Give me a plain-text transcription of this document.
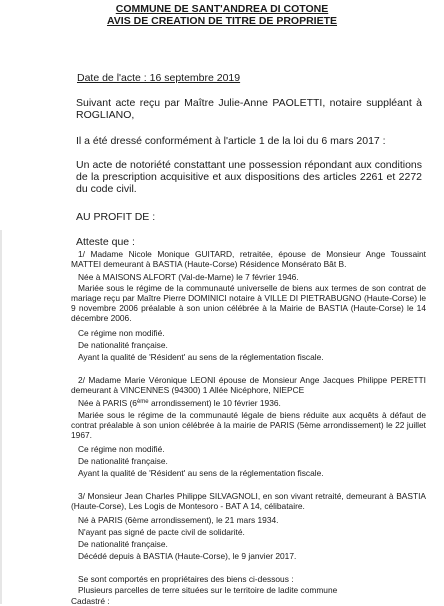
COMMUNE DE SANT'ANDREA DI COTONE
AVIS DE CREATION DE TITRE DE PROPRIETE

Date de l'acte : 16 septembre 2019

Suivant acte reçu par Maître Julie-Anne PAOLETTI, notaire suppléant à ROGLIANO,

Il a été dressé conformément à l'article 1 de la loi du 6 mars 2017 :

Un acte de notoriété constattant une possession répondant aux conditions de la prescription acquisitive et aux dispositions des articles 2261 et 2272 du code civil.

AU PROFIT DE :

Atteste que :

1/ Madame Nicole Monique GUITARD, retraitée, épouse de Monsieur Ange Toussaint MATTEI demeurant à BASTIA (Haute-Corse) Résidence Monsérato Bât B.

Née à MAISONS ALFORT (Val-de-Marne) le 7 février 1946.

Mariée sous le régime de la communauté universelle de biens aux termes de son contrat de mariage reçu par Maître Pierre DOMINICI notaire à VILLE DI PIETRABUGNO (Haute-Corse) le 9 novembre 2006 préalable à son union célébrée à la Mairie de BASTIA (Haute-Corse) le 14 décembre 2006.

Ce régime non modifié.

De nationalité française.

Ayant la qualité de 'Résident' au sens de la réglementation fiscale.

2/ Madame Marie Véronique LEONI épouse de Monsieur Ange Jacques Philippe PERETTI demeurant à VINCENNES (94300) 1 Allée Nicéphore, NIEPCE

Née à PARIS (6ème arrondissement) le 10 février 1936.

Mariée sous le régime de la communauté légale de biens réduite aux acquêts à défaut de contrat préalable à son union célébrée à la mairie de PARIS (5ème arrondissement) le 22 juillet 1967.

Ce régime non modifié.

De nationalité française.

Ayant la qualité de 'Résident' au sens de la réglementation fiscale.

3/ Monsieur Jean Charles Philippe SILVAGNOLI, en son vivant retraité, demeurant à BASTIA (Haute-Corse), Les Logis de Montesoro - BAT A 14, célibataire.

Né à PARIS (6ème arrondissement), le 21 mars 1934.

N'ayant pas signé de pacte civil de solidarité.

De nationalité française.

Décédé depuis à BASTIA (Haute-Corse), le 9 janvier 2017.

Se sont comportés en propriétaires des biens ci-dessous :

Plusieurs parcelles de terre situées sur le territoire de ladite commune

Cadastré :
